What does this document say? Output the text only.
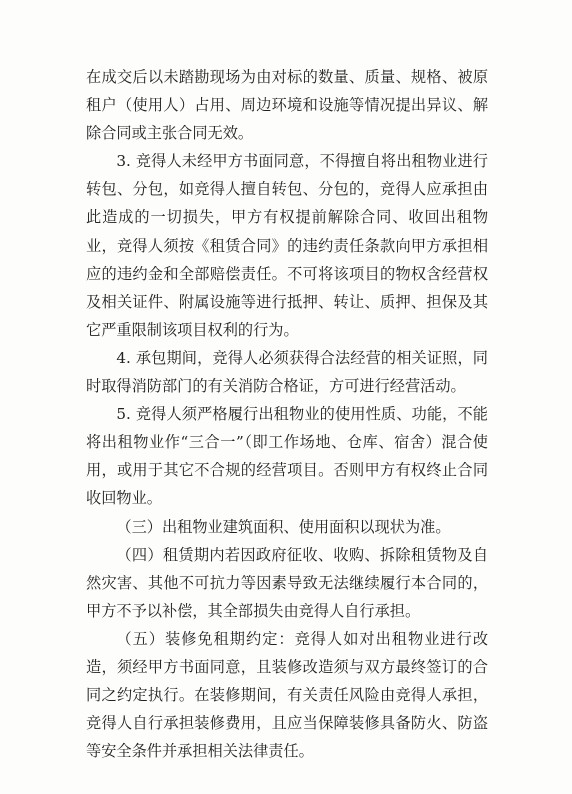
在成交后以未踏勘现场为由对标的数量、质量、规格、被原租户（使用人）占用、周边环境和设施等情况提出异议、解除合同或主张合同无效。

3. 竞得人未经甲方书面同意，不得擅自将出租物业进行转包、分包，如竞得人擅自转包、分包的，竞得人应承担由此造成的一切损失，甲方有权提前解除合同、收回出租物业，竞得人须按《租赁合同》的违约责任条款向甲方承担相应的违约金和全部赔偿责任。不可将该项目的物权含经营权及相关证件、附属设施等进行抵押、转让、质押、担保及其它严重限制该项目权利的行为。

4. 承包期间，竞得人必须获得合法经营的相关证照，同时取得消防部门的有关消防合格证，方可进行经营活动。

5. 竞得人须严格履行出租物业的使用性质、功能，不能将出租物业作“三合一”（即工作场地、仓库、宿舍）混合使用，或用于其它不合规的经营项目。否则甲方有权终止合同收回物业。

（三）出租物业建筑面积、使用面积以现状为准。

（四）租赁期内若因政府征收、收购、拆除租赁物及自然灾害、其他不可抗力等因素导致无法继续履行本合同的，甲方不予以补偿，其全部损失由竞得人自行承担。

（五）装修免租期约定：竞得人如对出租物业进行改造，须经甲方书面同意，且装修改造须与双方最终签订的合同之约定执行。在装修期间，有关责任风险由竞得人承担，竞得人自行承担装修费用，且应当保障装修具备防火、防盗等安全条件并承担相关法律责任。
